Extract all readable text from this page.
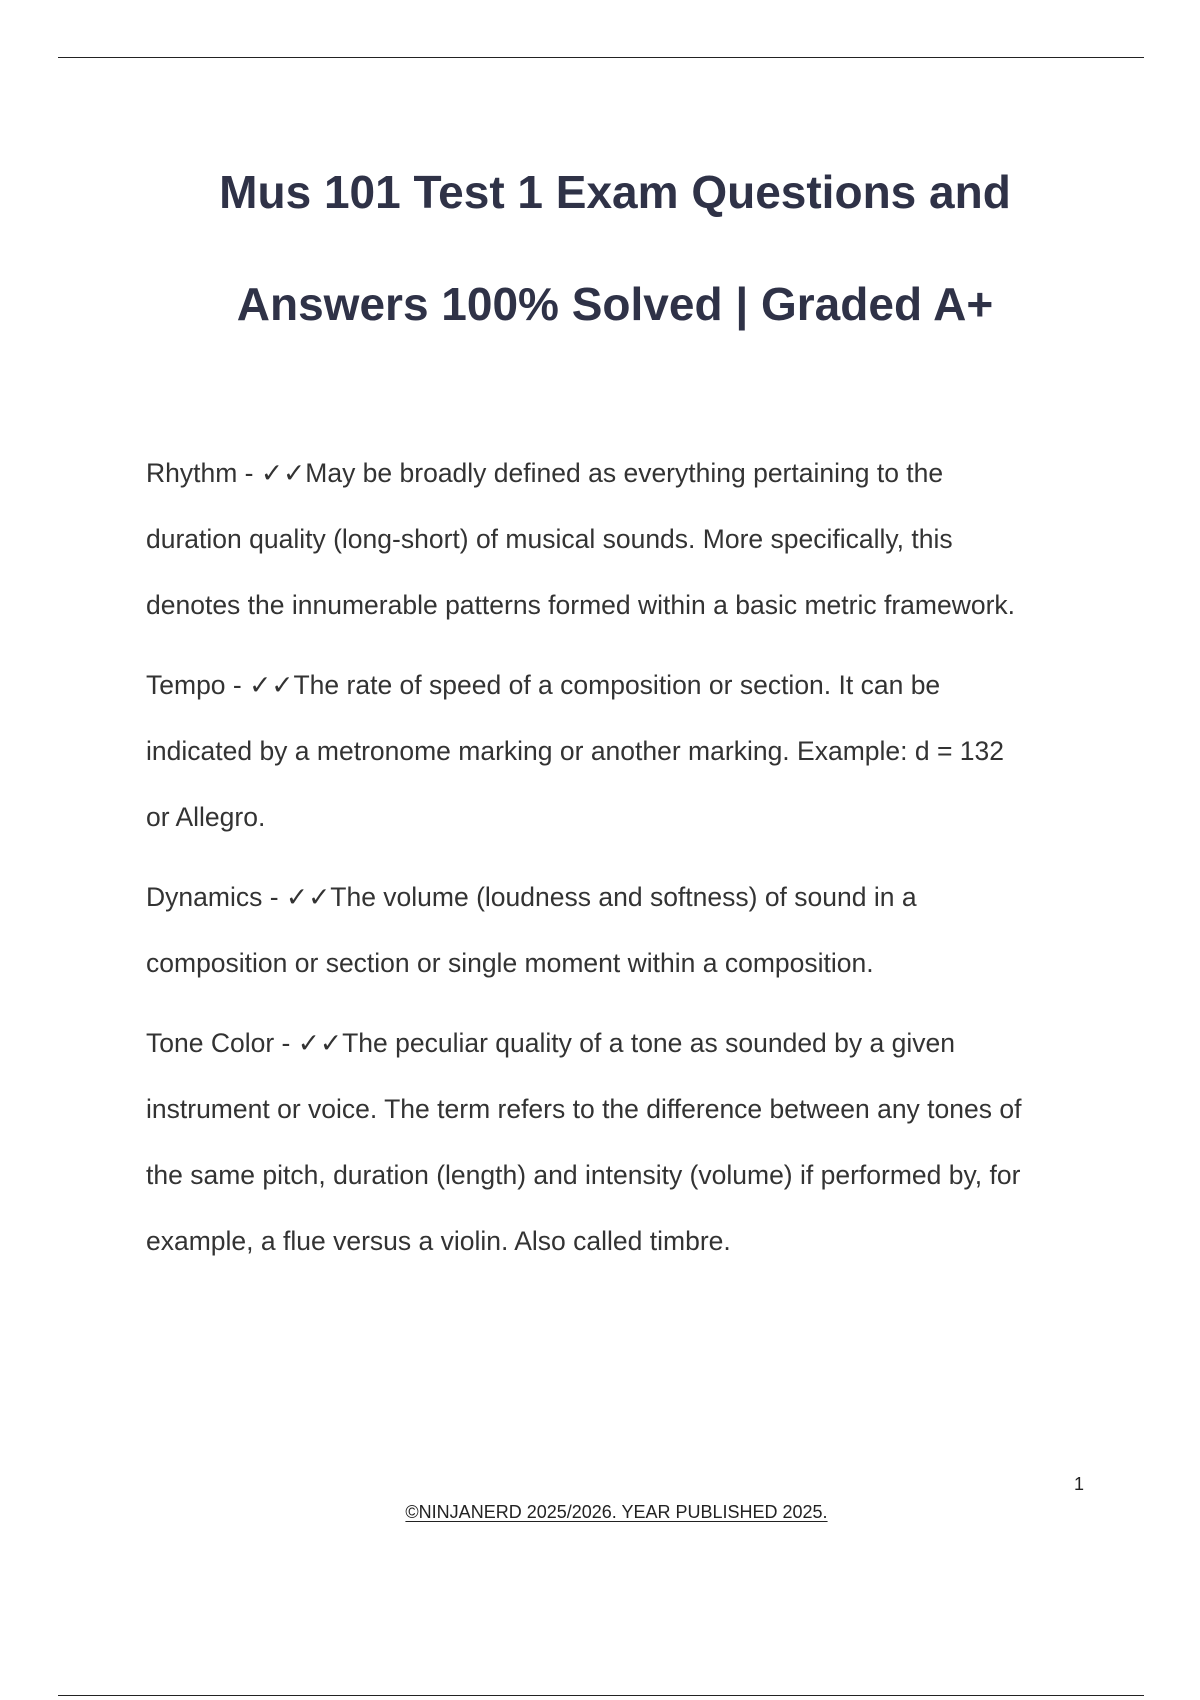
Mus 101 Test 1 Exam Questions and
Answers 100% Solved | Graded A+

Rhythm - ✓✓May be broadly defined as everything pertaining to the
duration quality (long-short) of musical sounds. More specifically, this
denotes the innumerable patterns formed within a basic metric framework.

Tempo - ✓✓The rate of speed of a composition or section. It can be
indicated by a metronome marking or another marking. Example: d = 132
or Allegro.

Dynamics - ✓✓The volume (loudness and softness) of sound in a
composition or section or single moment within a composition.

Tone Color - ✓✓The peculiar quality of a tone as sounded by a given
instrument or voice. The term refers to the difference between any tones of
the same pitch, duration (length) and intensity (volume) if performed by, for
example, a flue versus a violin. Also called timbre.

1
©NINJANERD 2025/2026. YEAR PUBLISHED 2025.
